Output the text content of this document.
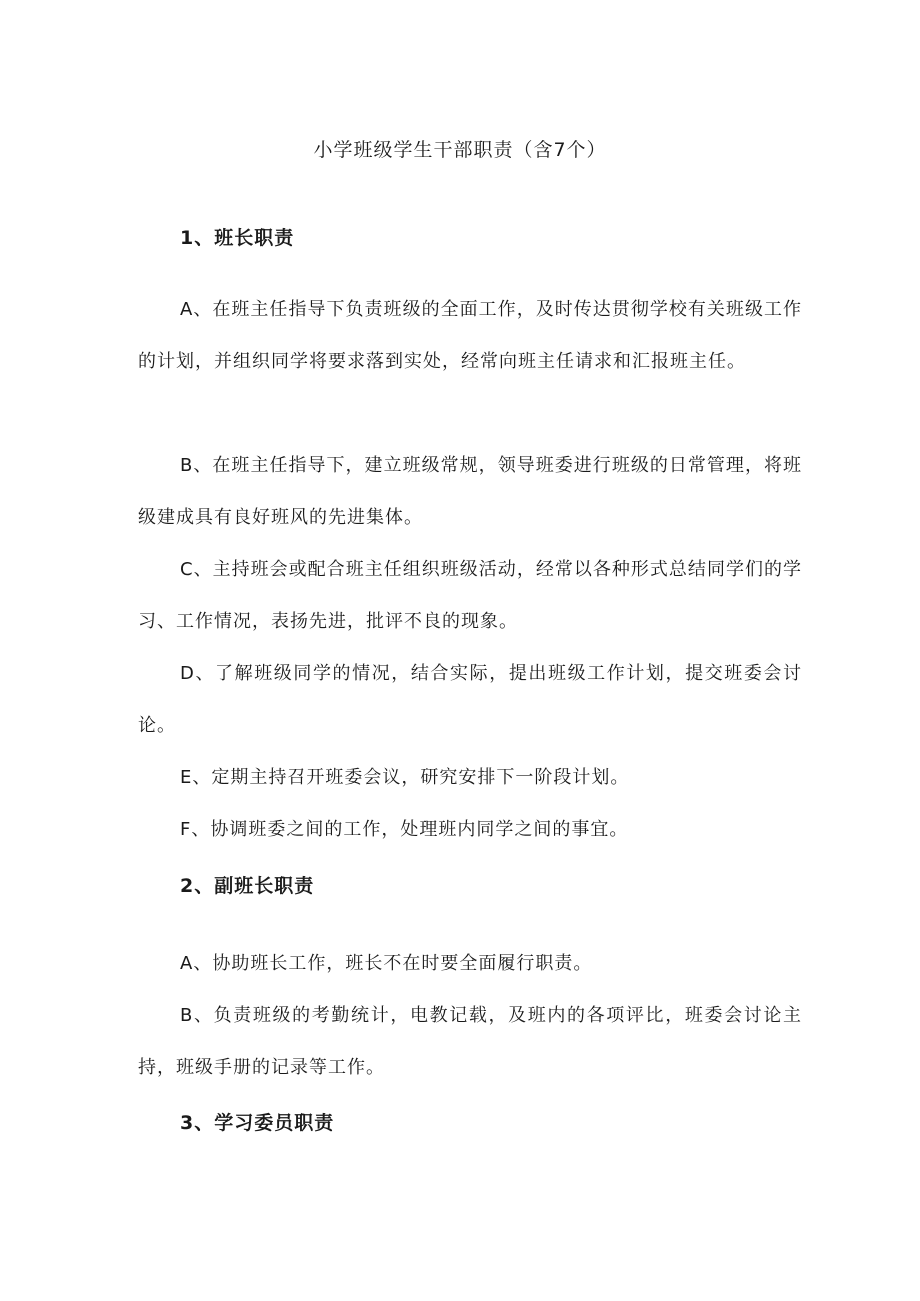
小学班级学生干部职责（含7个）
1、班长职责
A、在班主任指导下负责班级的全面工作，及时传达贯彻学校有关班级工作的计划，并组织同学将要求落到实处，经常向班主任请求和汇报班主任。
B、在班主任指导下，建立班级常规，领导班委进行班级的日常管理，将班级建成具有良好班风的先进集体。
C、主持班会或配合班主任组织班级活动，经常以各种形式总结同学们的学习、工作情况，表扬先进，批评不良的现象。
D、了解班级同学的情况，结合实际，提出班级工作计划，提交班委会讨论。
E、定期主持召开班委会议，研究安排下一阶段计划。
F、协调班委之间的工作，处理班内同学之间的事宜。
2、副班长职责
A、协助班长工作，班长不在时要全面履行职责。
B、负责班级的考勤统计，电教记载，及班内的各项评比，班委会讨论主持，班级手册的记录等工作。
3、学习委员职责
